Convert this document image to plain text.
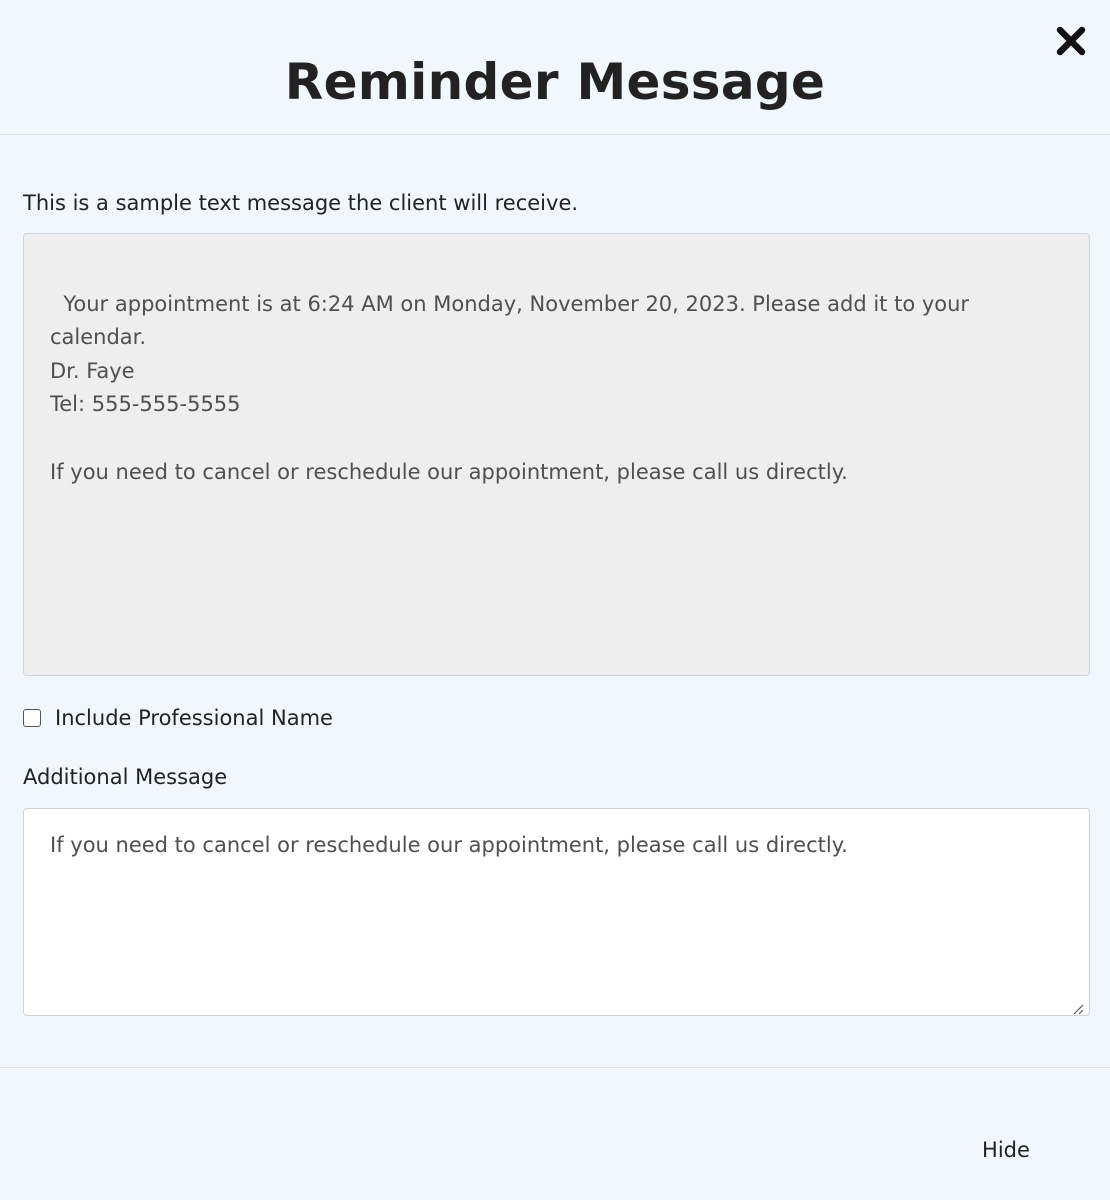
Reminder Message
This is a sample text message the client will receive.

Your appointment is at 6:24 AM on Monday, November 20, 2023. Please add it to your calendar.
Dr. Faye
Tel: 555-555-5555

If you need to cancel or reschedule our appointment, please call us directly.

Include Professional Name
Additional Message
If you need to cancel or reschedule our appointment, please call us directly.
Hide
